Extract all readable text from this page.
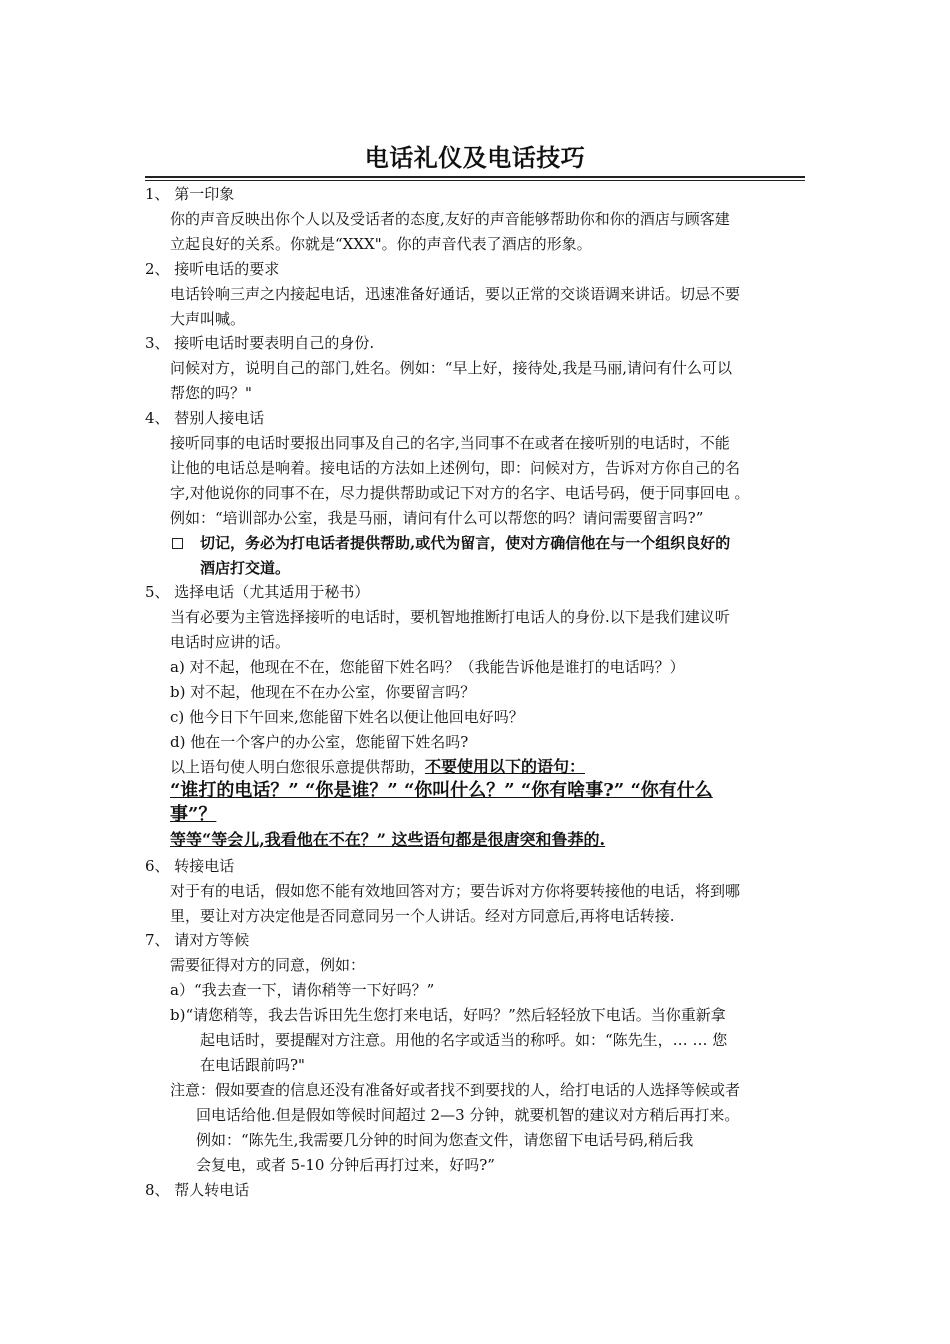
电话礼仪及电话技巧
1、 第一印象
你的声音反映出你个人以及受话者的态度,友好的声音能够帮助你和你的酒店与顾客建
立起良好的关系。你就是“XXX"。你的声音代表了酒店的形象。
2、 接听电话的要求
电话铃响三声之内接起电话，迅速准备好通话，要以正常的交谈语调来讲话。切忌不要
大声叫喊。
3、 接听电话时要表明自己的身份.
问候对方，说明自己的部门,姓名。例如：“早上好，接待处,我是马丽,请问有什么可以
帮您的吗？"
4、 替别人接电话
接听同事的电话时要报出同事及自己的名字,当同事不在或者在接听别的电话时，不能
让他的电话总是响着。接电话的方法如上述例句，即：问候对方，告诉对方你自己的名
字,对他说你的同事不在，尽力提供帮助或记下对方的名字、电话号码，便于同事回电 。
例如：“培训部办公室，我是马丽，请问有什么可以帮您的吗？请问需要留言吗?”
切记，务必为打电话者提供帮助,或代为留言，使对方确信他在与一个组织良好的
酒店打交道。
5、 选择电话（尤其适用于秘书）
当有必要为主管选择接听的电话时，要机智地推断打电话人的身份.以下是我们建议听
电话时应讲的话。
a) 对不起，他现在不在，您能留下姓名吗？（我能告诉他是谁打的电话吗？）
b) 对不起，他现在不在办公室，你要留言吗？
c) 他今日下午回来,您能留下姓名以便让他回电好吗？
d) 他在一个客户的办公室，您能留下姓名吗?
以上语句使人明白您很乐意提供帮助，不要使用以下的语句：
“谁打的电话？” “你是谁？” “你叫什么？” “你有啥事?” “你有什么
事”？
等等“等会儿,我看他在不在？” 这些语句都是很唐突和鲁莽的.
6、 转接电话
对于有的电话，假如您不能有效地回答对方；要告诉对方你将要转接他的电话，将到哪
里，要让对方决定他是否同意同另一个人讲话。经对方同意后,再将电话转接.
7、 请对方等候
需要征得对方的同意，例如：
a）“我去查一下，请你稍等一下好吗？”
b)“请您稍等，我去告诉田先生您打来电话，好吗？”然后轻轻放下电话。当你重新拿
起电话时，要提醒对方注意。用他的名字或适当的称呼。如：“陈先生，… … 您
在电话跟前吗?"
注意：假如要查的信息还没有准备好或者找不到要找的人，给打电话的人选择等候或者
回电话给他.但是假如等候时间超过 2—3 分钟，就要机智的建议对方稍后再打来。
例如：“陈先生,我需要几分钟的时间为您查文件，请您留下电话号码,稍后我
会复电，或者 5-10 分钟后再打过来，好吗?”
8、 帮人转电话
